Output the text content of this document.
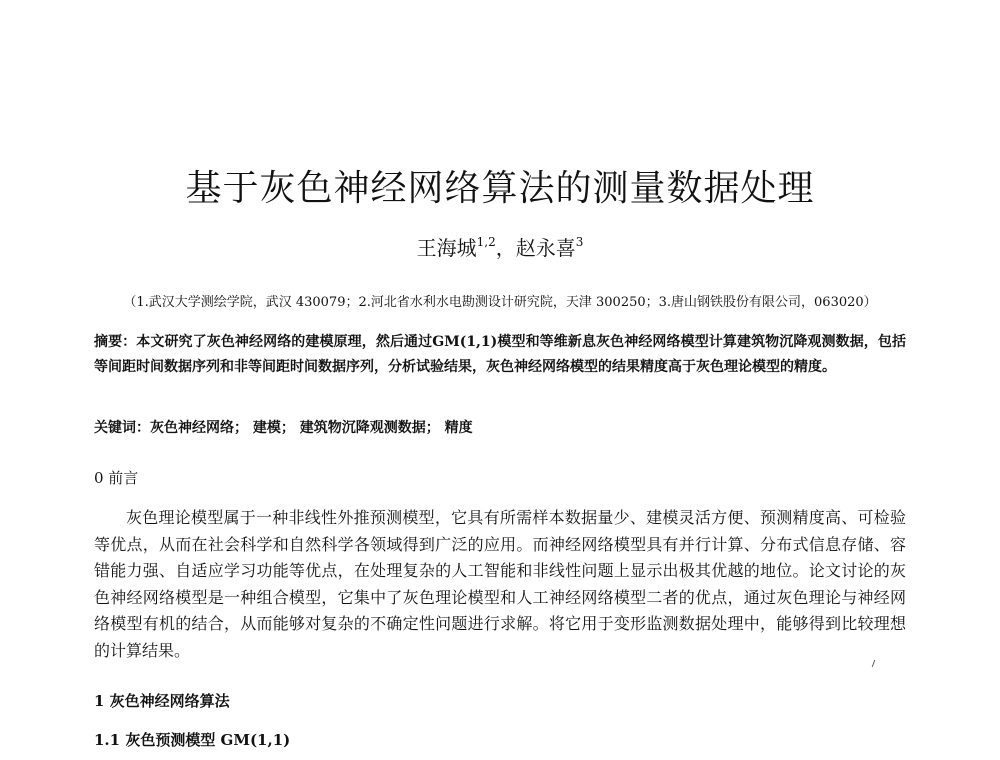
基于灰色神经网络算法的测量数据处理
王海城$^{1,2}$，赵永喜$^3$
（1.武汉大学测绘学院，武汉 430079；2.河北省水利水电勘测设计研究院，天津 300250；3.唐山钢铁股份有限公司，063020）
摘要：本文研究了灰色神经网络的建模原理，然后通过GM(1,1)模型和等维新息灰色神经网络模型计算建筑物沉降观测数据，包括等间距时间数据序列和非等间距时间数据序列，分析试验结果，灰色神经网络模型的结果精度高于灰色理论模型的精度。
关键词：灰色神经网络； 建模； 建筑物沉降观测数据； 精度
0 前言
灰色理论模型属于一种非线性外推预测模型，它具有所需样本数据量少、建模灵活方便、预测精度高、可检验等优点，从而在社会科学和自然科学各领域得到广泛的应用。而神经网络模型具有并行计算、分布式信息存储、容错能力强、自适应学习功能等优点，在处理复杂的人工智能和非线性问题上显示出极其优越的地位。论文讨论的灰色神经网络模型是一种组合模型，它集中了灰色理论模型和人工神经网络模型二者的优点，通过灰色理论与神经网络模型有机的结合，从而能够对复杂的不确定性问题进行求解。将它用于变形监测数据处理中，能够得到比较理想的计算结果。
1 灰色神经网络算法
1.1 灰色预测模型 GM(1,1)
